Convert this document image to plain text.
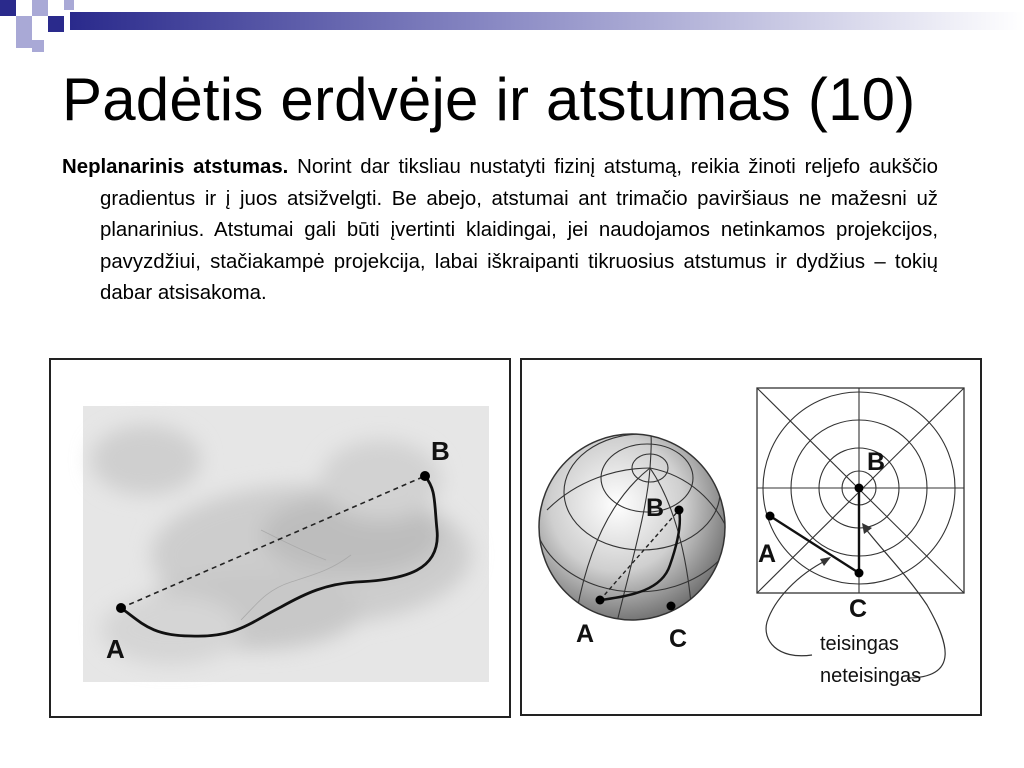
Padėtis erdvėje ir atstumas (10)

Neplanarinis atstumas. Norint dar tiksliau nustatyti fizinį atstumą, reikia žinoti reljefo aukščio gradientus ir į juos atsižvelgti. Be abejo, atstumai ant trimačio paviršiaus ne mažesni už planarinius. Atstumai gali būti įvertinti klaidingai, jei naudojamos netinkamos projekcijos, pavyzdžiui, stačiakampė projekcija, labai iškraipanti tikruosius atstumus ir dydžius – tokių dabar atsisakoma.

A
B
B
A	C
B
A
C
teisingas
neteisingas
